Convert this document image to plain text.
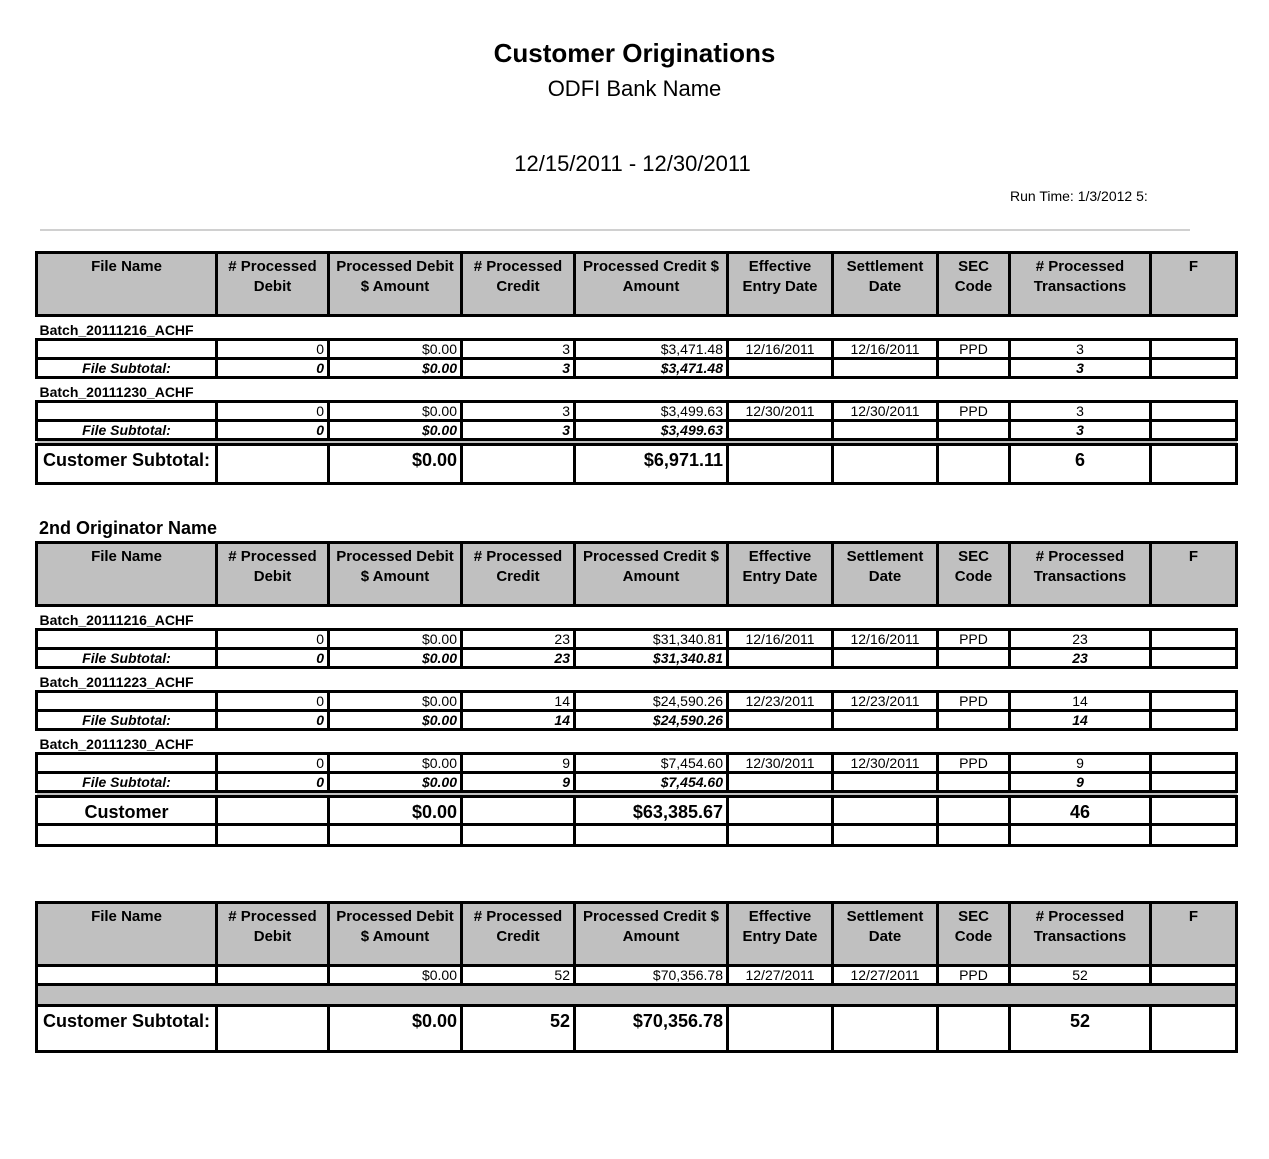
Customer Originations
ODFI Bank Name
12/15/2011 - 12/30/2011
Run Time: 1/3/2012 5:
File Name	# Processed Debit	Processed Debit $ Amount	# Processed Credit	Processed Credit $ Amount	Effective Entry Date	Settlement Date	SEC Code	# Processed Transactions	F
Batch_20111216_ACHF									
	0	$0.00	3	$3,471.48	12/16/2011	12/16/2011	PPD	3	
File Subtotal:	0	$0.00	3	$3,471.48				3	
Batch_20111230_ACHF									
	0	$0.00	3	$3,499.63	12/30/2011	12/30/2011	PPD	3	
File Subtotal:	0	$0.00	3	$3,499.63				3	

Customer Subtotal:		$0.00		$6,971.11				6	
2nd Originator Name
File Name	# Processed Debit	Processed Debit $ Amount	# Processed Credit	Processed Credit $ Amount	Effective Entry Date	Settlement Date	SEC Code	# Processed Transactions	F
Batch_20111216_ACHF									
	0	$0.00	23	$31,340.81	12/16/2011	12/16/2011	PPD	23	
File Subtotal:	0	$0.00	23	$31,340.81				23	
Batch_20111223_ACHF									
	0	$0.00	14	$24,590.26	12/23/2011	12/23/2011	PPD	14	
File Subtotal:	0	$0.00	14	$24,590.26				14	
Batch_20111230_ACHF									
	0	$0.00	9	$7,454.60	12/30/2011	12/30/2011	PPD	9	
File Subtotal:	0	$0.00	9	$7,454.60				9	

Customer		$0.00		$63,385.67				46	

File Name	# Processed Debit	Processed Debit $ Amount	# Processed Credit	Processed Credit $ Amount	Effective Entry Date	Settlement Date	SEC Code	# Processed Transactions	F
		$0.00	52	$70,356.78	12/27/2011	12/27/2011	PPD	52	

Customer Subtotal:		$0.00	52	$70,356.78				52	
